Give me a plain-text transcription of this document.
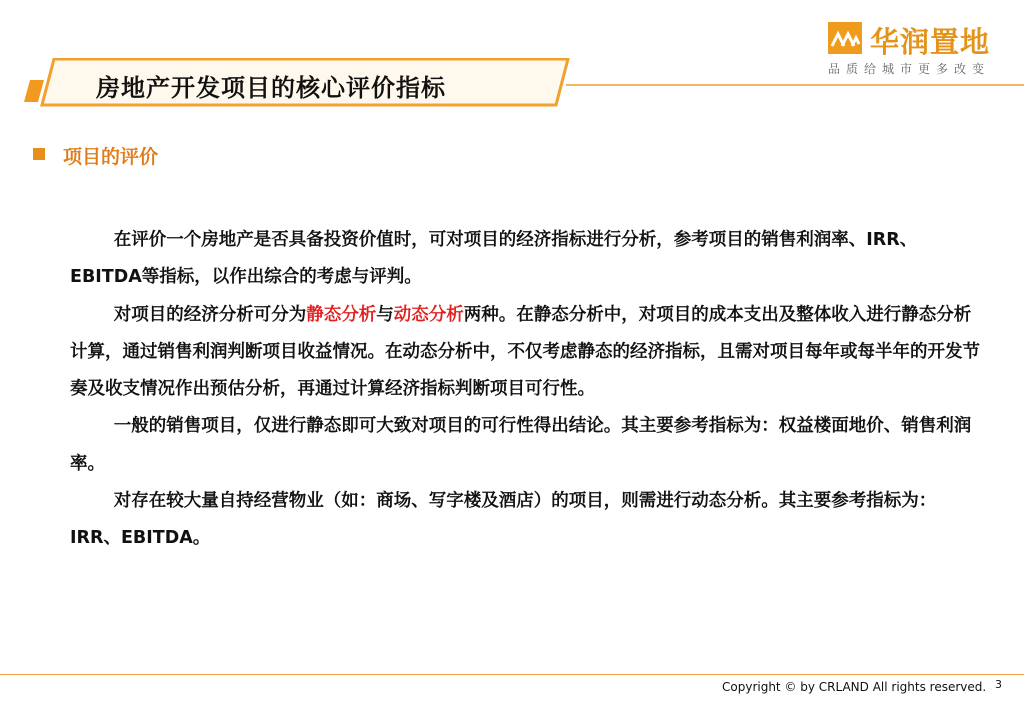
房地产开发项目的核心评价指标
华润置地
品质给城市更多改变
项目的评价

在评价一个房地产是否具备投资价值时，可对项目的经济指标进行分析，参考项目的销售利润率、IRR、EBITDA等指标，以作出综合的考虑与评判。

对项目的经济分析可分为静态分析与动态分析两种。在静态分析中，对项目的成本支出及整体收入进行静态分析计算，通过销售利润判断项目收益情况。在动态分析中，不仅考虑静态的经济指标，且需对项目每年或每半年的开发节奏及收支情况作出预估分析，再通过计算经济指标判断项目可行性。

一般的销售项目，仅进行静态即可大致对项目的可行性得出结论。其主要参考指标为：权益楼面地价、销售利润率。

对存在较大量自持经营物业（如：商场、写字楼及酒店）的项目，则需进行动态分析。其主要参考指标为：IRR、EBITDA。

Copyright © by CRLAND All rights reserved. 3
